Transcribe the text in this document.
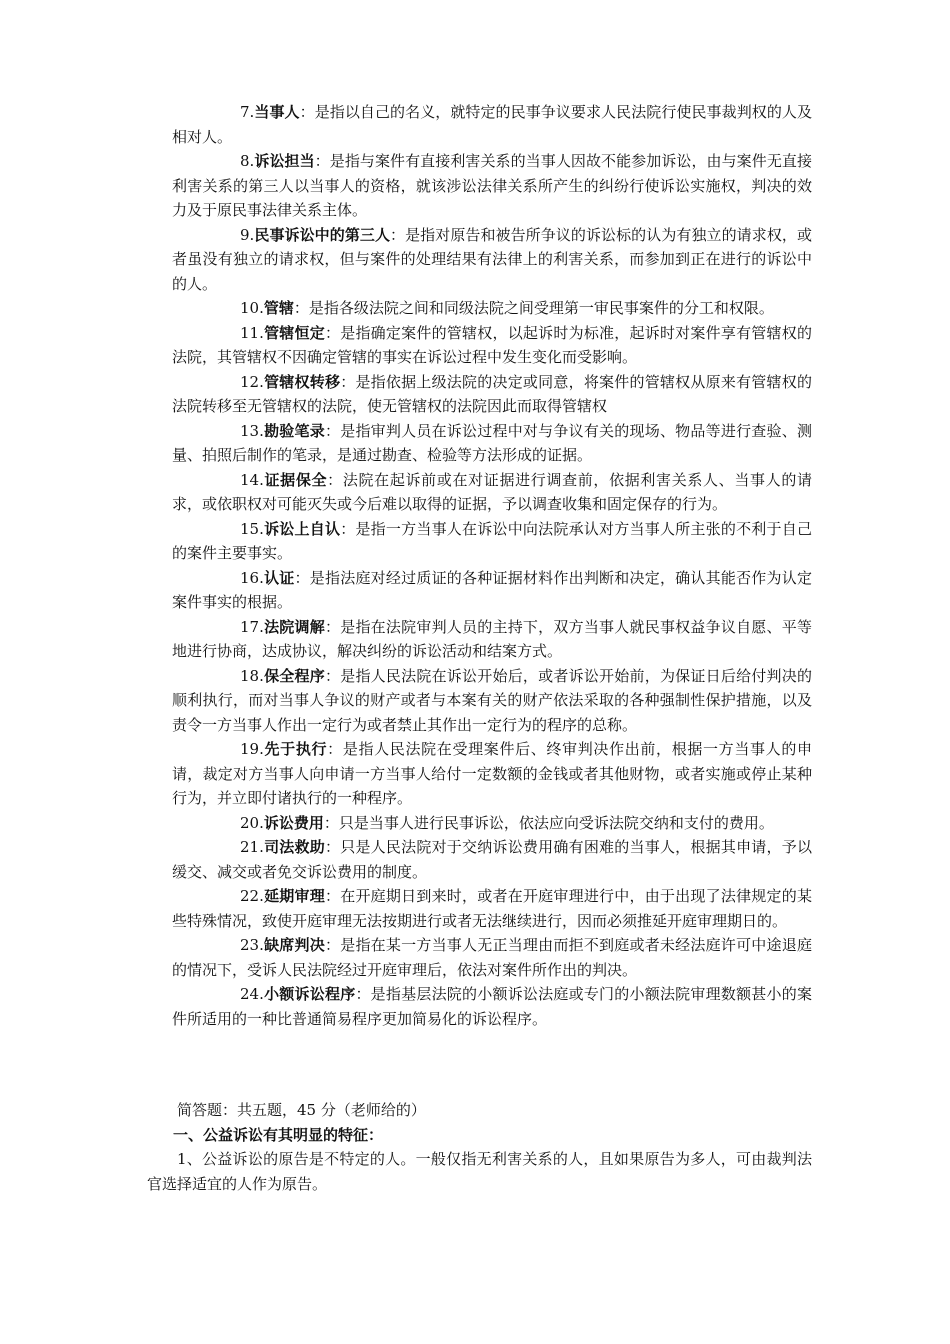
7.当事人：是指以自己的名义，就特定的民事争议要求人民法院行使民事裁判权的人及相对人。

8.诉讼担当：是指与案件有直接利害关系的当事人因故不能参加诉讼，由与案件无直接利害关系的第三人以当事人的资格，就该涉讼法律关系所产生的纠纷行使诉讼实施权，判决的效力及于原民事法律关系主体。

9.民事诉讼中的第三人：是指对原告和被告所争议的诉讼标的认为有独立的请求权，或者虽没有独立的请求权，但与案件的处理结果有法律上的利害关系，而参加到正在进行的诉讼中的人。

10.管辖：是指各级法院之间和同级法院之间受理第一审民事案件的分工和权限。

11.管辖恒定：是指确定案件的管辖权，以起诉时为标准，起诉时对案件享有管辖权的法院，其管辖权不因确定管辖的事实在诉讼过程中发生变化而受影响。

12.管辖权转移：是指依据上级法院的决定或同意，将案件的管辖权从原来有管辖权的法院转移至无管辖权的法院，使无管辖权的法院因此而取得管辖权

13.勘验笔录：是指审判人员在诉讼过程中对与争议有关的现场、物品等进行查验、测量、拍照后制作的笔录，是通过勘查、检验等方法形成的证据。

14.证据保全：法院在起诉前或在对证据进行调查前，依据利害关系人、当事人的请求，或依职权对可能灭失或今后难以取得的证据，予以调查收集和固定保存的行为。

15.诉讼上自认：是指一方当事人在诉讼中向法院承认对方当事人所主张的不利于自己的案件主要事实。

16.认证：是指法庭对经过质证的各种证据材料作出判断和决定，确认其能否作为认定案件事实的根据。

17.法院调解：是指在法院审判人员的主持下，双方当事人就民事权益争议自愿、平等地进行协商，达成协议，解决纠纷的诉讼活动和结案方式。

18.保全程序：是指人民法院在诉讼开始后，或者诉讼开始前，为保证日后给付判决的顺利执行，而对当事人争议的财产或者与本案有关的财产依法采取的各种强制性保护措施，以及责令一方当事人作出一定行为或者禁止其作出一定行为的程序的总称。

19.先于执行：是指人民法院在受理案件后、终审判决作出前，根据一方当事人的申请，裁定对方当事人向申请一方当事人给付一定数额的金钱或者其他财物，或者实施或停止某种行为，并立即付诸执行的一种程序。

20.诉讼费用：只是当事人进行民事诉讼，依法应向受诉法院交纳和支付的费用。

21.司法救助：只是人民法院对于交纳诉讼费用确有困难的当事人，根据其申请，予以缓交、减交或者免交诉讼费用的制度。

22.延期审理：在开庭期日到来时，或者在开庭审理进行中，由于出现了法律规定的某些特殊情况，致使开庭审理无法按期进行或者无法继续进行，因而必须推延开庭审理期日的。

23.缺席判决：是指在某一方当事人无正当理由而拒不到庭或者未经法庭许可中途退庭的情况下，受诉人民法院经过开庭审理后，依法对案件所作出的判决。

24.小额诉讼程序：是指基层法院的小额诉讼法庭或专门的小额法院审理数额甚小的案件所适用的一种比普通简易程序更加简易化的诉讼程序。

简答题：共五题，45 分（老师给的）

一、公益诉讼有其明显的特征：

1、公益诉讼的原告是不特定的人。一般仅指无利害关系的人，且如果原告为多人，可由裁判法官选择适宜的人作为原告。
